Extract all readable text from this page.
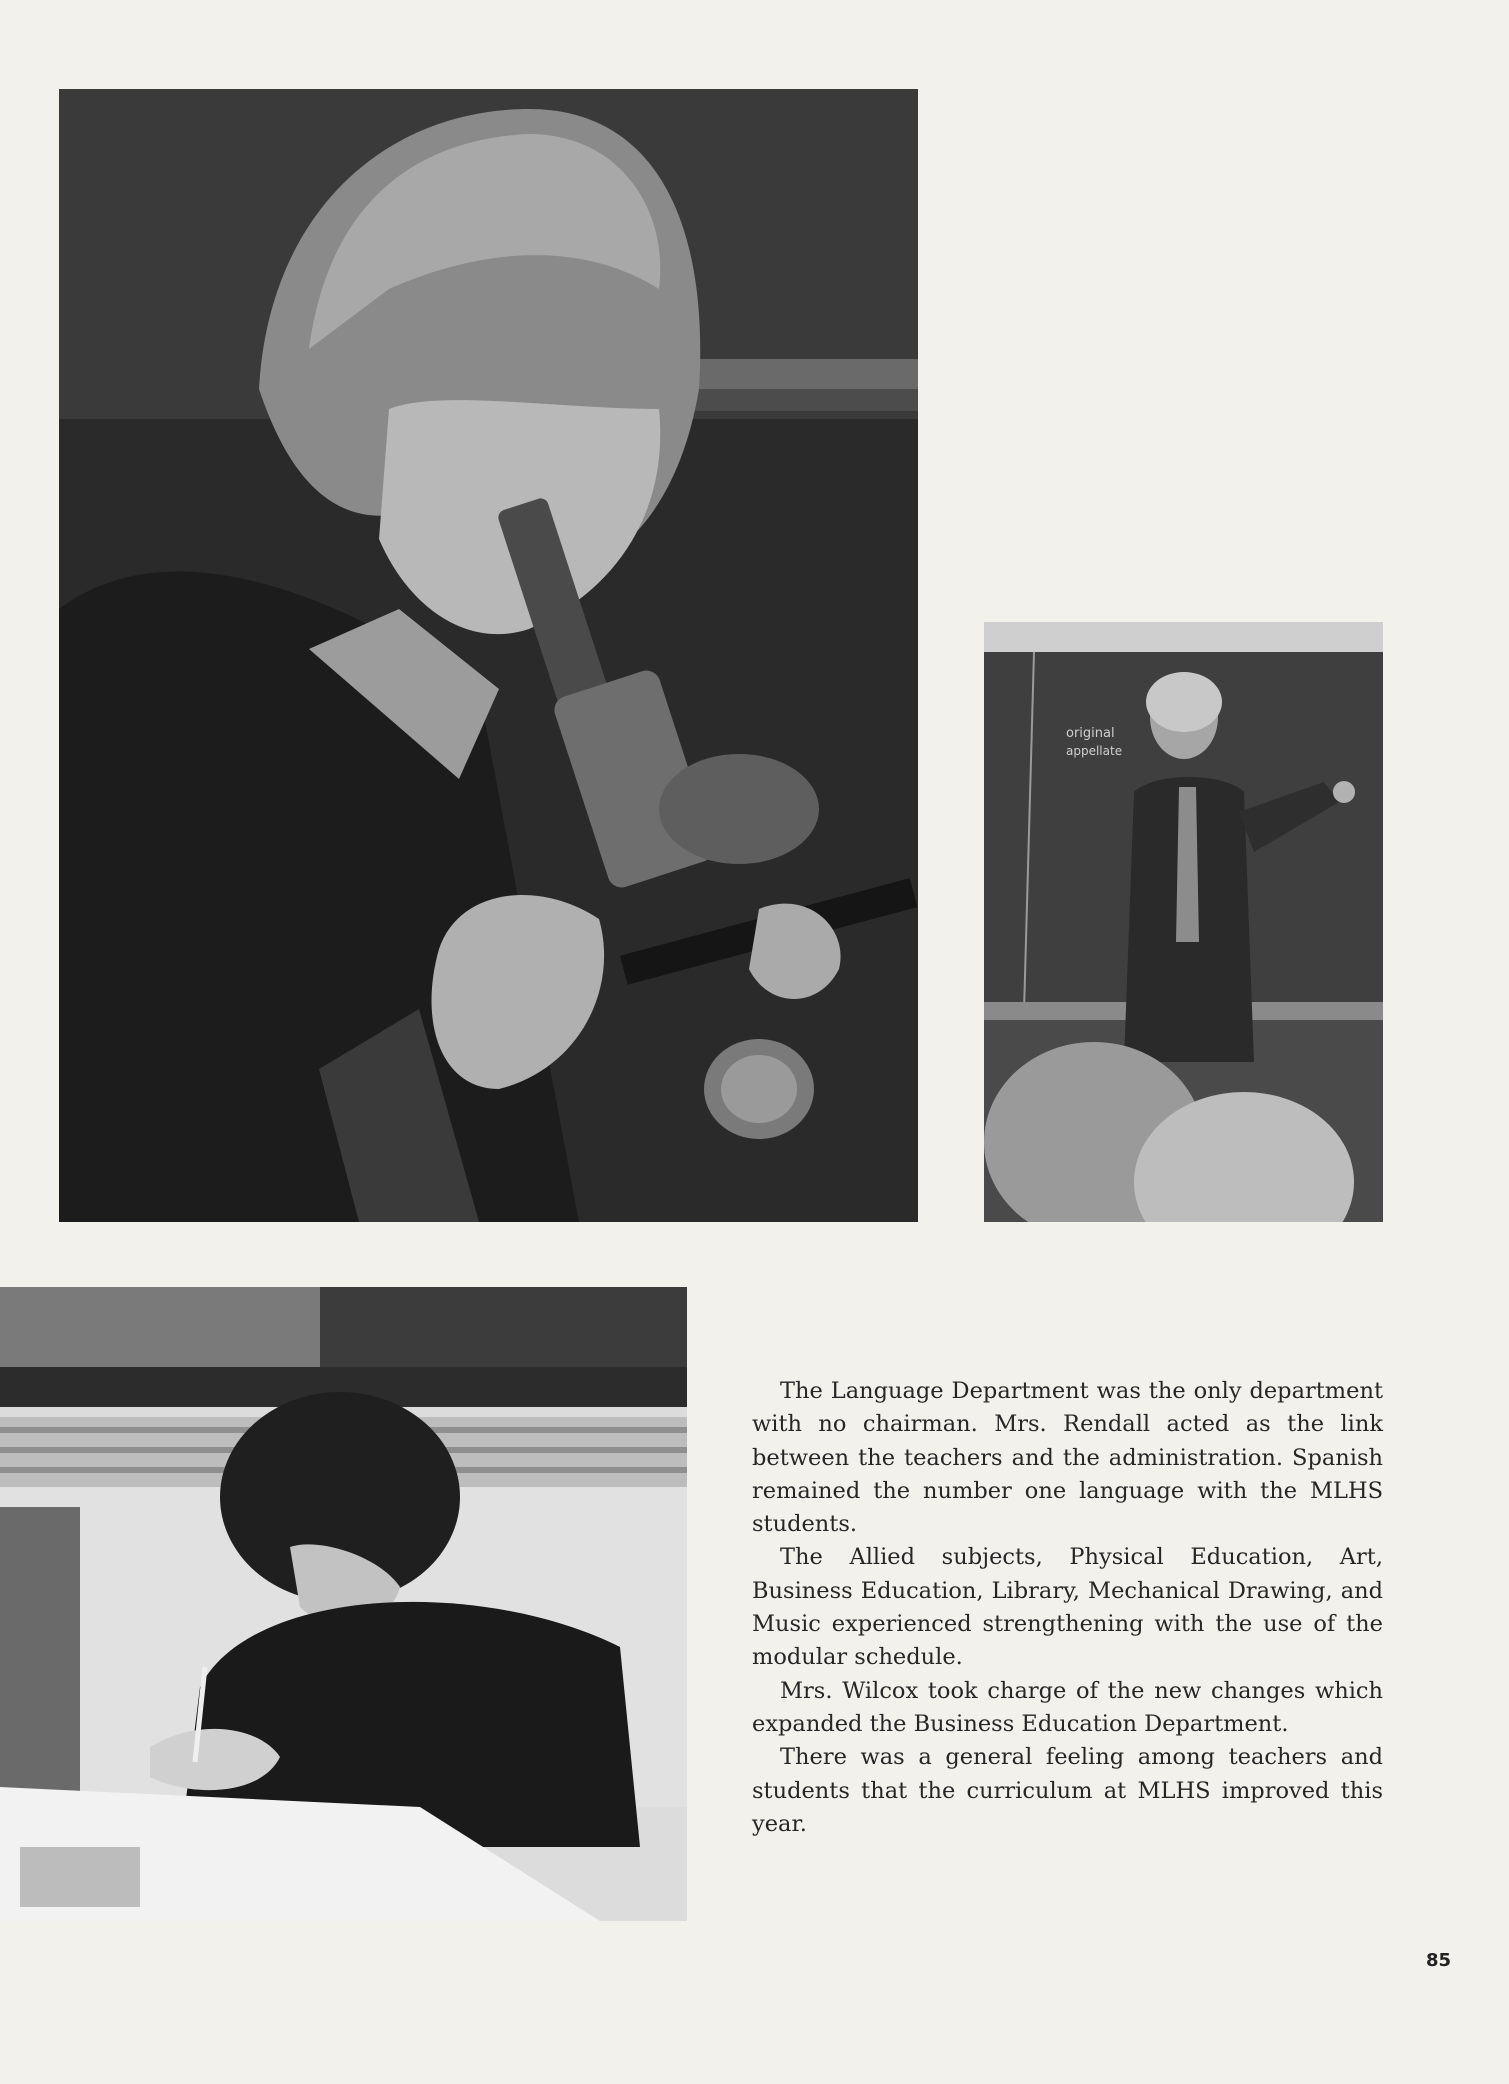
original
appellate

The Language Department was the only department with no chairman. Mrs. Rendall acted as the link between the teachers and the administration. Spanish remained the number one language with the MLHS students.

The Allied subjects, Physical Education, Art, Business Education, Library, Mechanical Drawing, and Music experienced strengthening with the use of the modular schedule.

Mrs. Wilcox took charge of the new changes which expanded the Business Education Department.

There was a general feeling among teachers and students that the curriculum at MLHS improved this year.

85
